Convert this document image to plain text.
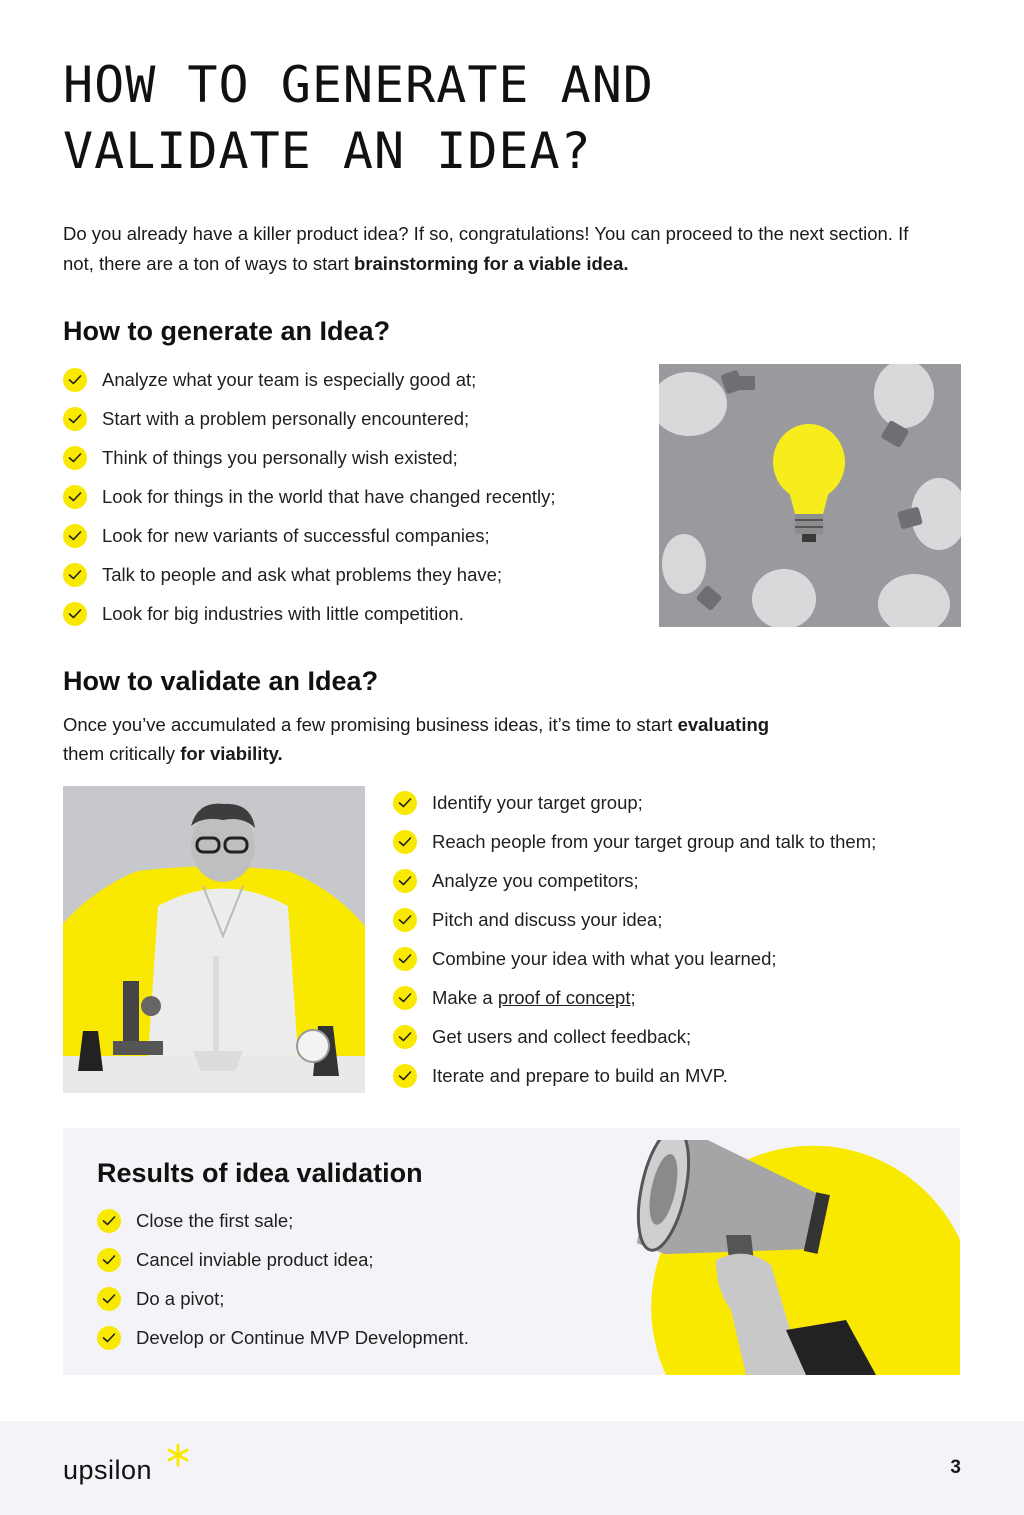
HOW TO GENERATE AND
VALIDATE AN IDEA?

Do you already have a killer product idea? If so, congratulations! You can proceed to the next section. If not, there are a ton of ways to start brainstorming for a viable idea.

How to generate an Idea?
Analyze what your team is especially good at;
Start with a problem personally encountered;
Think of things you personally wish existed;
Look for things in the world that have changed recently;
Look for new variants of successful companies;
Talk to people and ask what problems they have;
Look for big industries with little competition.
How to validate an Idea?

Once you’ve accumulated a few promising business ideas, it’s time to start evaluating
them critically for viability.

Identify your target group;
Reach people from your target group and talk to them;
Analyze you competitors;
Pitch and discuss your idea;
Combine your idea with what you learned;
Make a proof of concept;
Get users and collect feedback;
Iterate and prepare to build an MVP.
Results of idea validation
Close the first sale;
Cancel inviable product idea;
Do a pivot;
Develop or Continue MVP Development.
upsilon	3
